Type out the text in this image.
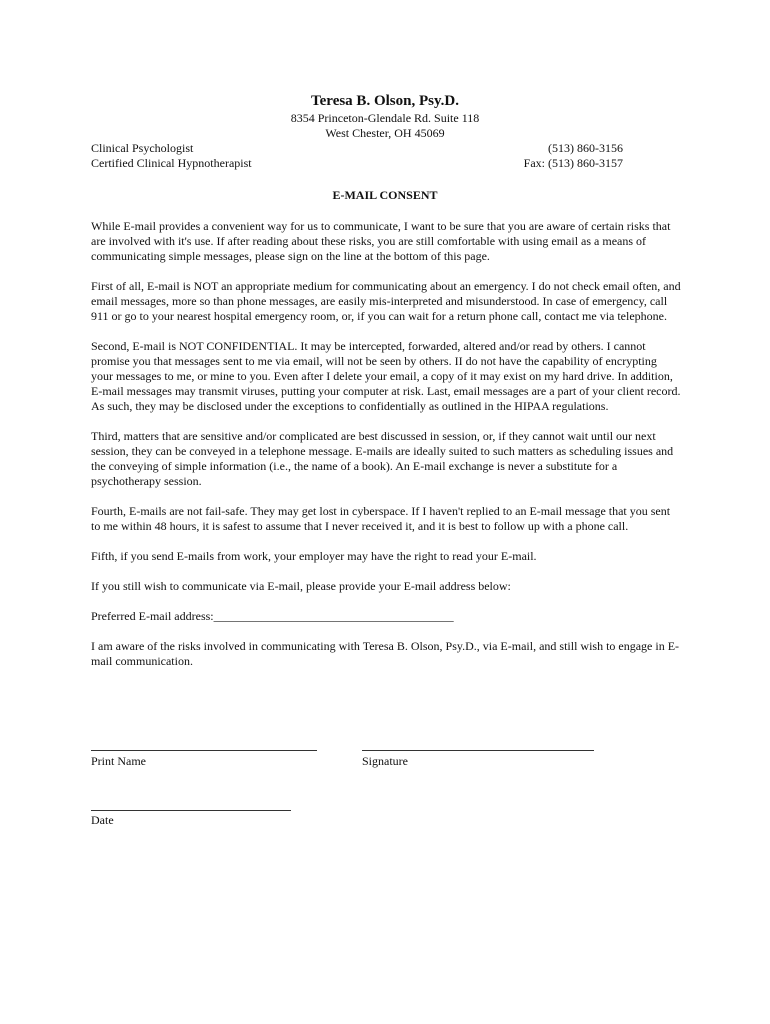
Teresa B. Olson, Psy.D.
8354 Princeton-Glendale Rd. Suite 118
West Chester, OH 45069
Clinical Psychologist
Certified Clinical Hypnotherapist
(513) 860-3156
Fax: (513) 860-3157
E-MAIL CONSENT

While E-mail provides a convenient way for us to communicate, I want to be sure that you are aware of certain risks that are involved with it's use. If after reading about these risks, you are still comfortable with using email as a means of communicating simple messages, please sign on the line at the bottom of this page.

First of all, E-mail is NOT an appropriate medium for communicating about an emergency. I do not check email often, and email messages, more so than phone messages, are easily mis-interpreted and misunderstood. In case of emergency, call 911 or go to your nearest hospital emergency room, or, if you can wait for a return phone call, contact me via telephone.

Second, E-mail is NOT CONFIDENTIAL. It may be intercepted, forwarded, altered and/or read by others. I cannot promise you that messages sent to me via email, will not be seen by others. II do not have the capability of encrypting your messages to me, or mine to you. Even after I delete your email, a copy of it may exist on my hard drive. In addition, E-mail messages may transmit viruses, putting your computer at risk. Last, email messages are a part of your client record. As such, they may be disclosed under the exceptions to confidentially as outlined in the HIPAA regulations.

Third, matters that are sensitive and/or complicated are best discussed in session, or, if they cannot wait until our next session, they can be conveyed in a telephone message. E-mails are ideally suited to such matters as scheduling issues and the conveying of simple information (i.e., the name of a book). An E-mail exchange is never a substitute for a psychotherapy session.

Fourth, E-mails are not fail-safe. They may get lost in cyberspace. If I haven't replied to an E-mail message that you sent to me within 48 hours, it is safest to assume that I never received it, and it is best to follow up with a phone call.

Fifth, if you send E-mails from work, your employer may have the right to read your E-mail.

If you still wish to communicate via E-mail, please provide your E-mail address below:

Preferred E-mail address:________________________________________

I am aware of the risks involved in communicating with Teresa B. Olson, Psy.D., via E-mail, and still wish to engage in E-mail communication.

Print Name	Signature
Date
